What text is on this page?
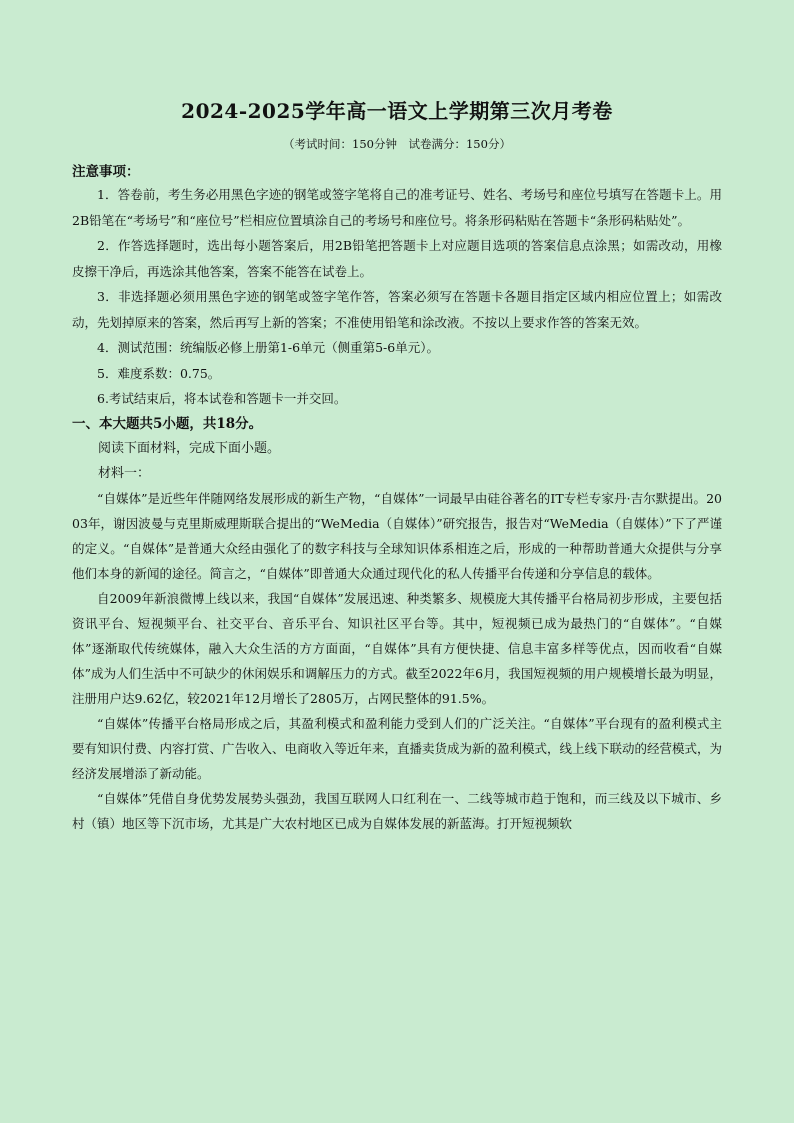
2024-2025学年高一语文上学期第三次月考卷
（考试时间：150分钟　试卷满分：150分）
注意事项：

1．答卷前，考生务必用黑色字迹的钢笔或签字笔将自己的准考证号、姓名、考场号和座位号填写在答题卡上。用2B铅笔在“考场号”和“座位号”栏相应位置填涂自己的考场号和座位号。将条形码粘贴在答题卡“条形码粘贴处”。

2．作答选择题时，选出每小题答案后，用2B铅笔把答题卡上对应题目选项的答案信息点涂黑；如需改动，用橡皮擦干净后，再选涂其他答案，答案不能答在试卷上。

3．非选择题必须用黑色字迹的钢笔或签字笔作答，答案必须写在答题卡各题目指定区域内相应位置上；如需改动，先划掉原来的答案，然后再写上新的答案；不准使用铅笔和涂改液。不按以上要求作答的答案无效。

4．测试范围：统编版必修上册第1-6单元（侧重第5-6单元）。

5．难度系数：0.75。

6.考试结束后，将本试卷和答题卡一并交回。

一、本大题共5小题，共18分。

阅读下面材料，完成下面小题。

材料一：

“自媒体”是近些年伴随网络发展形成的新生产物，“自媒体”一词最早由硅谷著名的IT专栏专家丹·吉尔默提出。2003年，谢因波曼与克里斯威理斯联合提出的“WeMedia（自媒体）”研究报告，报告对“WeMedia（自媒体）”下了严谨的定义。“自媒体”是普通大众经由强化了的数字科技与全球知识体系相连之后，形成的一种帮助普通大众提供与分享他们本身的新闻的途径。简言之，“自媒体”即普通大众通过现代化的私人传播平台传递和分享信息的载体。

自2009年新浪微博上线以来，我国“自媒体”发展迅速、种类繁多、规模庞大其传播平台格局初步形成，主要包括资讯平台、短视频平台、社交平台、音乐平台、知识社区平台等。其中，短视频已成为最热门的“自媒体”。“自媒体”逐渐取代传统媒体，融入大众生活的方方面面，“自媒体”具有方便快捷、信息丰富多样等优点，因而收看“自媒体”成为人们生活中不可缺少的休闲娱乐和调解压力的方式。截至2022年6月，我国短视频的用户规模增长最为明显，注册用户达9.62亿，较2021年12月增长了2805万，占网民整体的91.5%。

“自媒体”传播平台格局形成之后，其盈利模式和盈利能力受到人们的广泛关注。“自媒体”平台现有的盈利模式主要有知识付费、内容打赏、广告收入、电商收入等近年来，直播卖货成为新的盈利模式，线上线下联动的经营模式，为经济发展增添了新动能。

“自媒体”凭借自身优势发展势头强劲，我国互联网人口红利在一、二线等城市趋于饱和，而三线及以下城市、乡村（镇）地区等下沉市场，尤其是广大农村地区已成为自媒体发展的新蓝海。打开短视频软
